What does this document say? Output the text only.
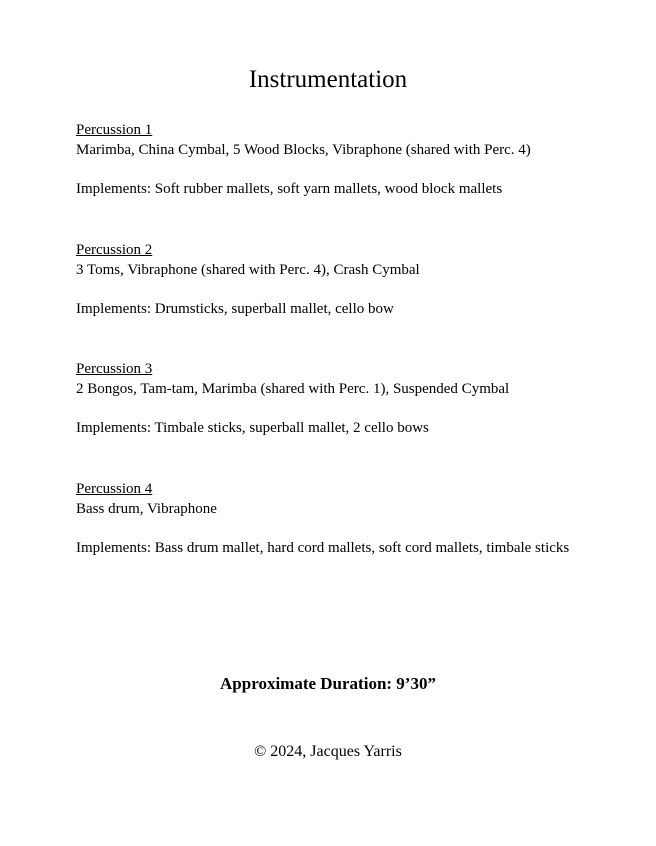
Instrumentation
Percussion 1
Marimba, China Cymbal, 5 Wood Blocks, Vibraphone (shared with Perc. 4)
Implements: Soft rubber mallets, soft yarn mallets, wood block mallets
Percussion 2
3 Toms, Vibraphone (shared with Perc. 4), Crash Cymbal
Implements: Drumsticks, superball mallet, cello bow
Percussion 3
2 Bongos, Tam-tam, Marimba (shared with Perc. 1), Suspended Cymbal
Implements: Timbale sticks, superball mallet, 2 cello bows
Percussion 4
Bass drum, Vibraphone
Implements: Bass drum mallet, hard cord mallets, soft cord mallets, timbale sticks
Approximate Duration: 9’30”
© 2024, Jacques Yarris
